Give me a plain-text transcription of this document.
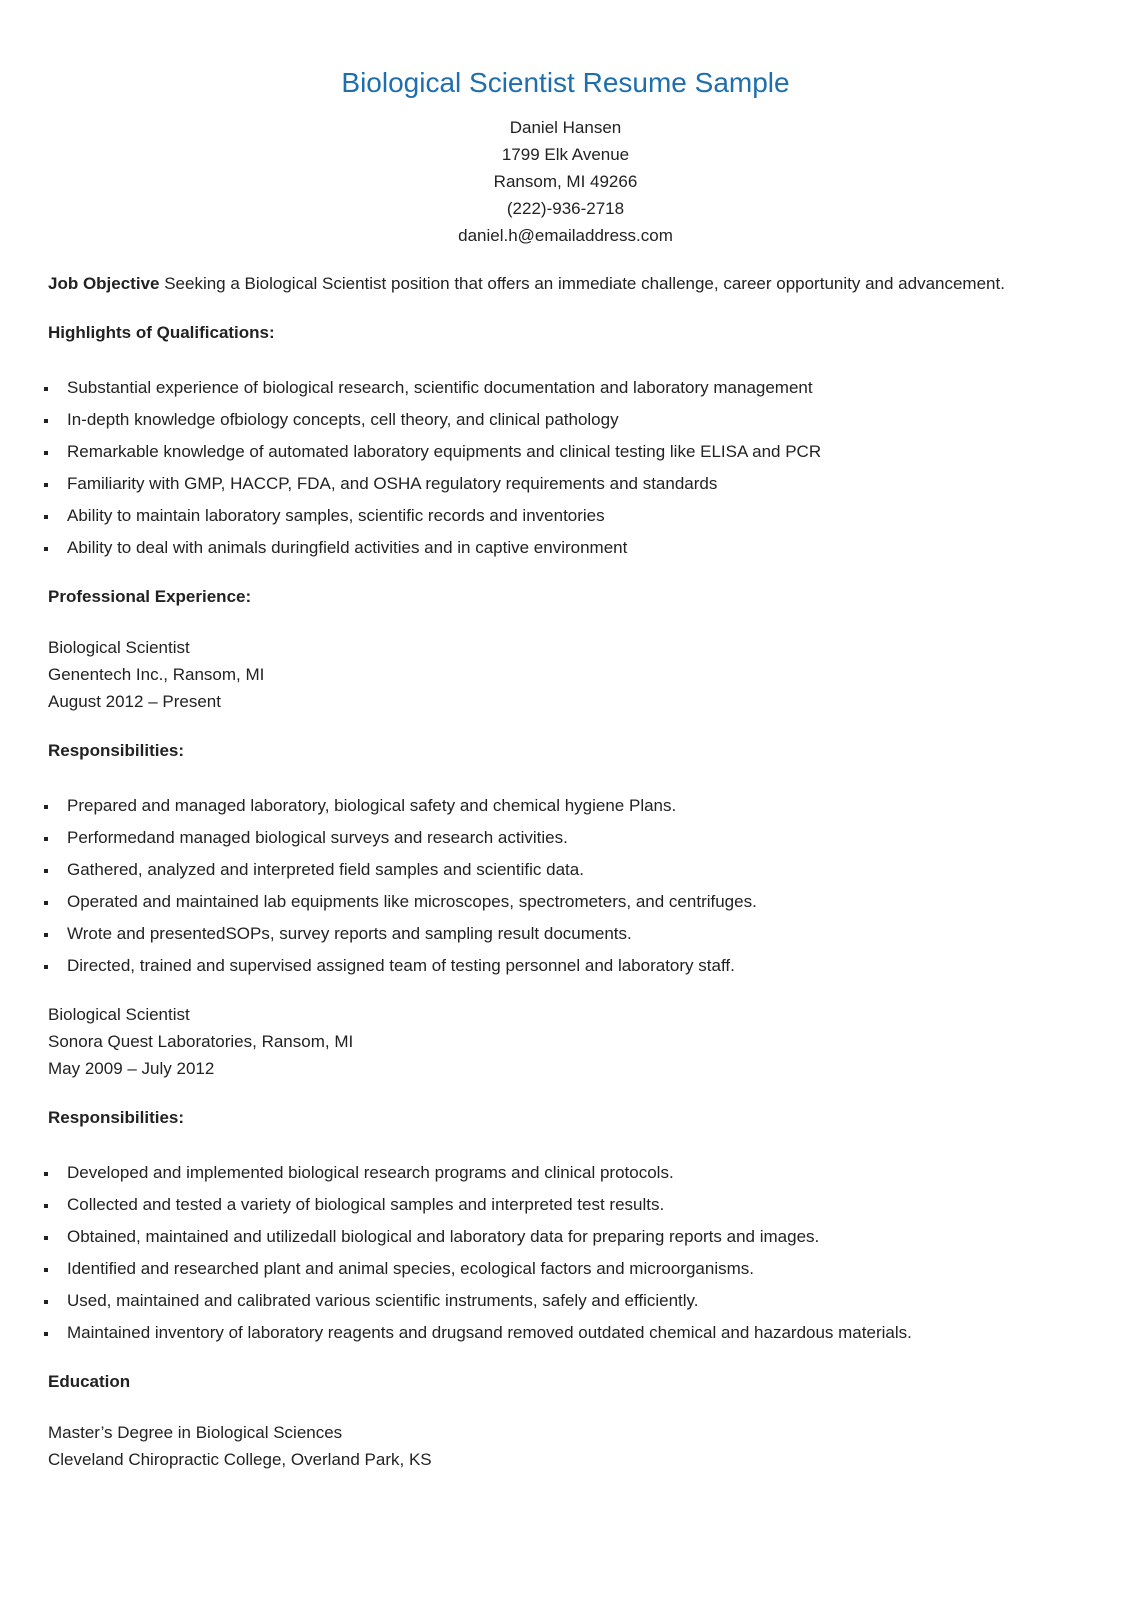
Biological Scientist Resume Sample
Daniel Hansen
1799 Elk Avenue
Ransom, MI 49266
(222)-936-2718
daniel.h@emailaddress.com
Job Objective Seeking a Biological Scientist position that offers an immediate challenge, career opportunity and advancement.
Highlights of Qualifications:
Substantial experience of biological research, scientific documentation and laboratory management
In-depth knowledge ofbiology concepts, cell theory, and clinical pathology
Remarkable knowledge of automated laboratory equipments and clinical testing like ELISA and PCR
Familiarity with GMP, HACCP, FDA, and OSHA regulatory requirements and standards
Ability to maintain laboratory samples, scientific records and inventories
Ability to deal with animals duringfield activities and in captive environment
Professional Experience:
Biological Scientist
Genentech Inc., Ransom, MI
August 2012 – Present
Responsibilities:
Prepared and managed laboratory, biological safety and chemical hygiene Plans.
Performedand managed biological surveys and research activities.
Gathered, analyzed and interpreted field samples and scientific data.
Operated and maintained lab equipments like microscopes, spectrometers, and centrifuges.
Wrote and presentedSOPs, survey reports and sampling result documents.
Directed, trained and supervised assigned team of testing personnel and laboratory staff.
Biological Scientist
Sonora Quest Laboratories, Ransom, MI
May 2009 – July 2012
Responsibilities:
Developed and implemented biological research programs and clinical protocols.
Collected and tested a variety of biological samples and interpreted test results.
Obtained, maintained and utilizedall biological and laboratory data for preparing reports and images.
Identified and researched plant and animal species, ecological factors and microorganisms.
Used, maintained and calibrated various scientific instruments, safely and efficiently.
Maintained inventory of laboratory reagents and drugsand removed outdated chemical and hazardous materials.
Education
Master’s Degree in Biological Sciences
Cleveland Chiropractic College, Overland Park, KS
